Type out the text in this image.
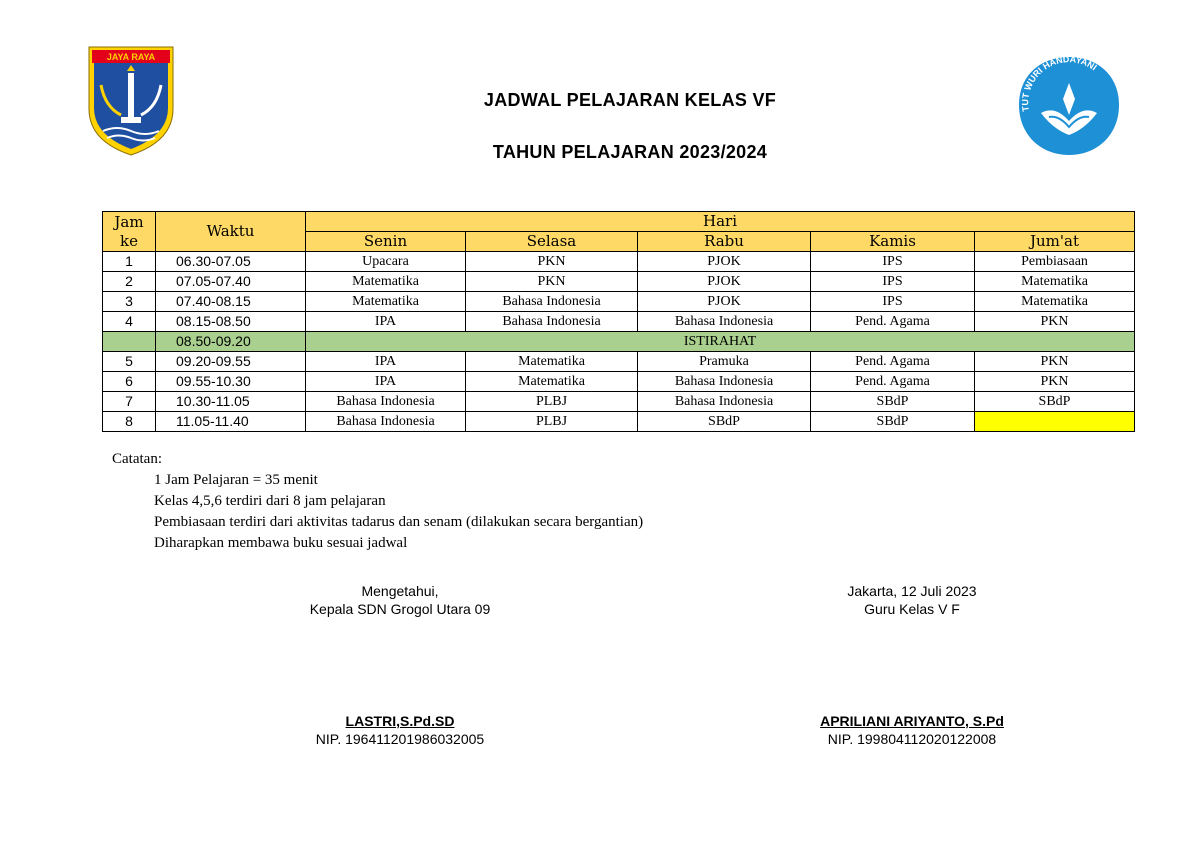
JAYA RAYA
TUT WURI HANDAYANI
JADWAL PELAJARAN KELAS VF
TAHUN PELAJARAN 2023/2024
Jam
ke	Waktu	Hari				
		Senin	Selasa	Rabu	Kamis	Jum'at
1	06.30-07.05	Upacara	PKN	PJOK	IPS	Pembiasaan
2	07.05-07.40	Matematika	PKN	PJOK	IPS	Matematika
3	07.40-08.15	Matematika	Bahasa Indonesia	PJOK	IPS	Matematika
4	08.15-08.50	IPA	Bahasa Indonesia	Bahasa Indonesia	Pend. Agama	PKN
	08.50-09.20	ISTIRAHAT				
5	09.20-09.55	IPA	Matematika	Pramuka	Pend. Agama	PKN
6	09.55-10.30	IPA	Matematika	Bahasa Indonesia	Pend. Agama	PKN
7	10.30-11.05	Bahasa Indonesia	PLBJ	Bahasa Indonesia	SBdP	SBdP
8	11.05-11.40	Bahasa Indonesia	PLBJ	SBdP	SBdP	
Catatan:
1 Jam Pelajaran = 35 menit
Kelas 4,5,6 terdiri dari 8 jam pelajaran
Pembiasaan terdiri dari aktivitas tadarus dan senam (dilakukan secara bergantian)
Diharapkan membawa buku sesuai jadwal
Mengetahui,
Kepala SDN Grogol Utara 09
LASTRI,S.Pd.SD
NIP. 196411201986032005
Jakarta, 12 Juli 2023
Guru Kelas V F
APRILIANI ARIYANTO, S.Pd
NIP. 199804112020122008
